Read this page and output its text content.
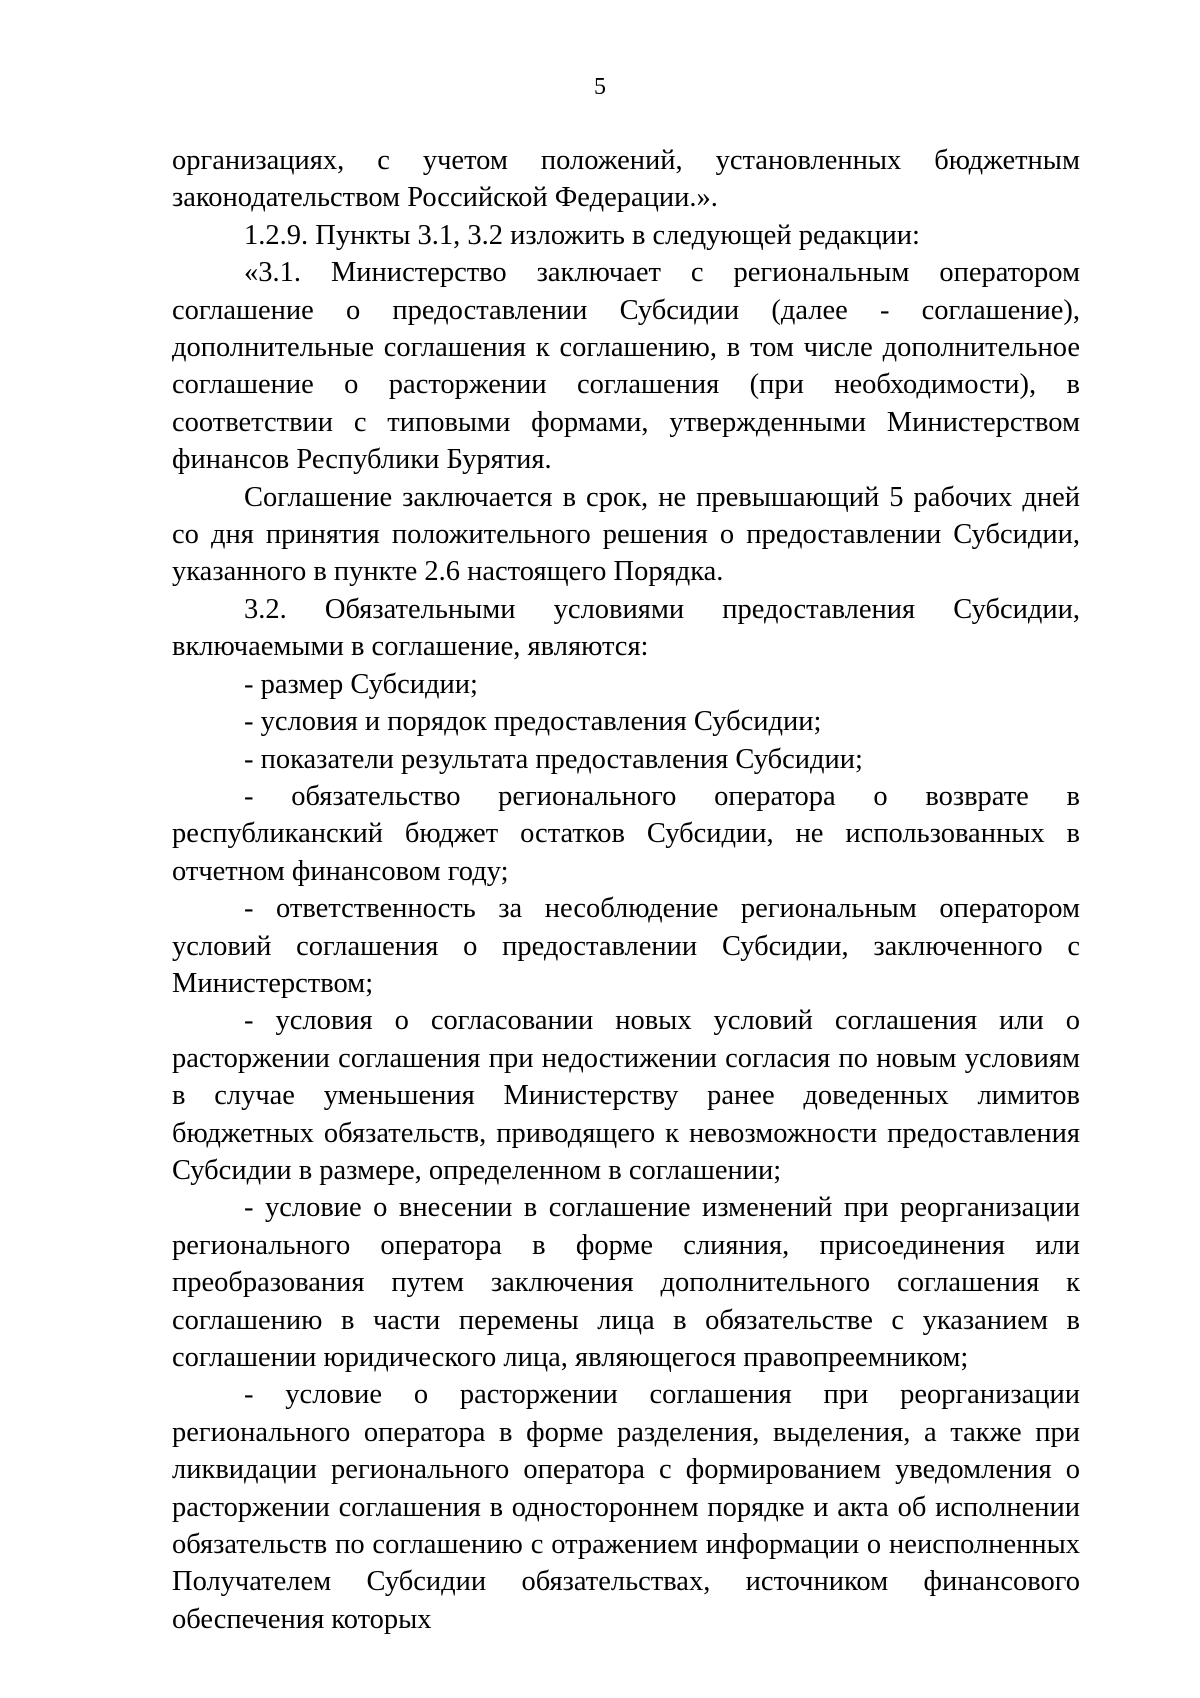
5

организациях, с учетом положений, установленных бюджетным законодательством Российской Федерации.».

1.2.9. Пункты 3.1, 3.2 изложить в следующей редакции:

«3.1. Министерство заключает с региональным оператором соглашение о предоставлении Субсидии (далее - соглашение), дополнительные соглашения к соглашению, в том числе дополнительное соглашение о расторжении соглашения (при необходимости), в соответствии с типовыми формами, утвержденными Министерством финансов Республики Бурятия.

Соглашение заключается в срок, не превышающий 5 рабочих дней со дня принятия положительного решения о предоставлении Субсидии, указанного в пункте 2.6 настоящего Порядка.

3.2. Обязательными условиями предоставления Субсидии, включаемыми в соглашение, являются:

- размер Субсидии;

- условия и порядок предоставления Субсидии;

- показатели результата предоставления Субсидии;

- обязательство регионального оператора о возврате в республиканский бюджет остатков Субсидии, не использованных в отчетном финансовом году;

- ответственность за несоблюдение региональным оператором условий соглашения о предоставлении Субсидии, заключенного с Министерством;

- условия о согласовании новых условий соглашения или о расторжении соглашения при недостижении согласия по новым условиям в случае уменьшения Министерству ранее доведенных лимитов бюджетных обязательств, приводящего к невозможности предоставления Субсидии в размере, определенном в соглашении;

- условие о внесении в соглашение изменений при реорганизации регионального оператора в форме слияния, присоединения или преобразования путем заключения дополнительного соглашения к соглашению в части перемены лица в обязательстве с указанием в соглашении юридического лица, являющегося правопреемником;

- условие о расторжении соглашения при реорганизации регионального оператора в форме разделения, выделения, а также при ликвидации регионального оператора с формированием уведомления о расторжении соглашения в одностороннем порядке и акта об исполнении обязательств по соглашению с отражением информации о неисполненных Получателем Субсидии обязательствах, источником финансового обеспечения которых
